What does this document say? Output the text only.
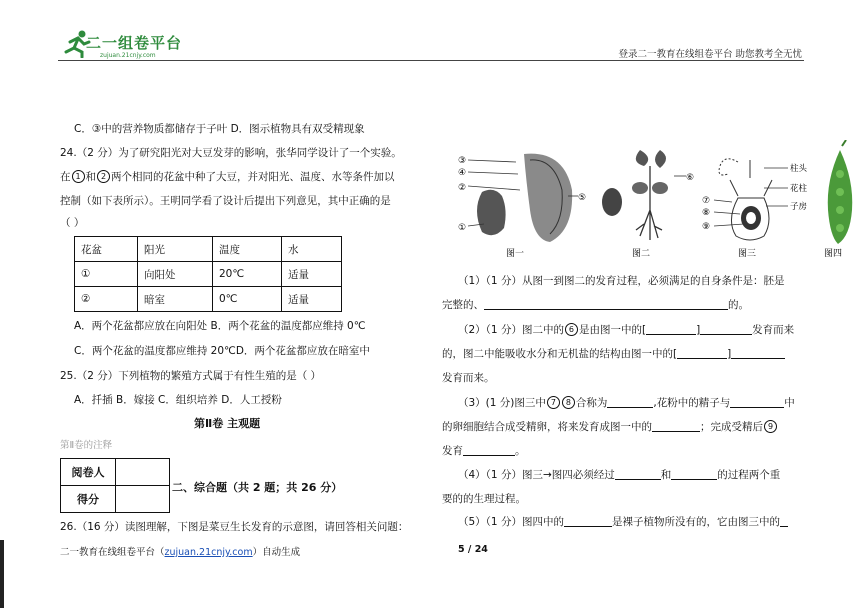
二一组卷平台
zujuan.21cnjy.com	登录二一教育在线组卷平台 助您教考全无忧
C．③中的营养物质都储存于子叶 D．图示植物具有双受精现象
24.（2 分）为了研究阳光对大豆发芽的影响，张华同学设计了一个实验。
在 1 和 2 两个相同的花盆中种了大豆，并对阳光、温度、水等条件加以
控制（如下表所示）。王明同学看了设计后提出下列意见，其中正确的是
（ ）
花盆	阳光	温度	水
①	向阳处	20℃	适量
②	暗室	0℃	适量
A．两个花盆都应放在向阳处 B．两个花盆的温度都应维持 0℃
C．两个花盆的温度都应维持 20℃D．两个花盆都应放在暗室中
25.（2 分）下列植物的繁殖方式属于有性生殖的是（ ）
A．扦插 B．嫁接 C．组织培养 D．人工授粉
第Ⅱ卷 主观题
第Ⅱ卷的注释
阅卷人	
得分	
二、综合题（共 2 题；共 26 分）
26.（16 分）读图理解，下图是菜豆生长发育的示意图，请回答相关问题：
③
④
②
①
⑤
图一
⑥
图二
柱头
花柱
子房
⑦
⑧
⑨
图三	图四
（1）（1 分）从图一到图二的发育过程，必须满足的自身条件是：胚是
完整的、	的。
（2）（1 分）图二中的 6 是由图一中的[	]	发育而来
的，图二中能吸收水分和无机盐的结构由图一中的[	]
发育而来。
（3）(1 分)图三中 7 8 合称为	,花粉中的精子与	中
的卵细胞结合成受精卵，将来发育成图一中的	；完成受精后 9
发育	。
（4）（1 分）图三→图四必须经过	和	的过程两个重
要的的生理过程。
（5）（1 分）图四中的	是裸子植物所没有的，它由图三中的
二一教育在线组卷平台（zujuan.21cnjy.com）自动生成	5 / 24
